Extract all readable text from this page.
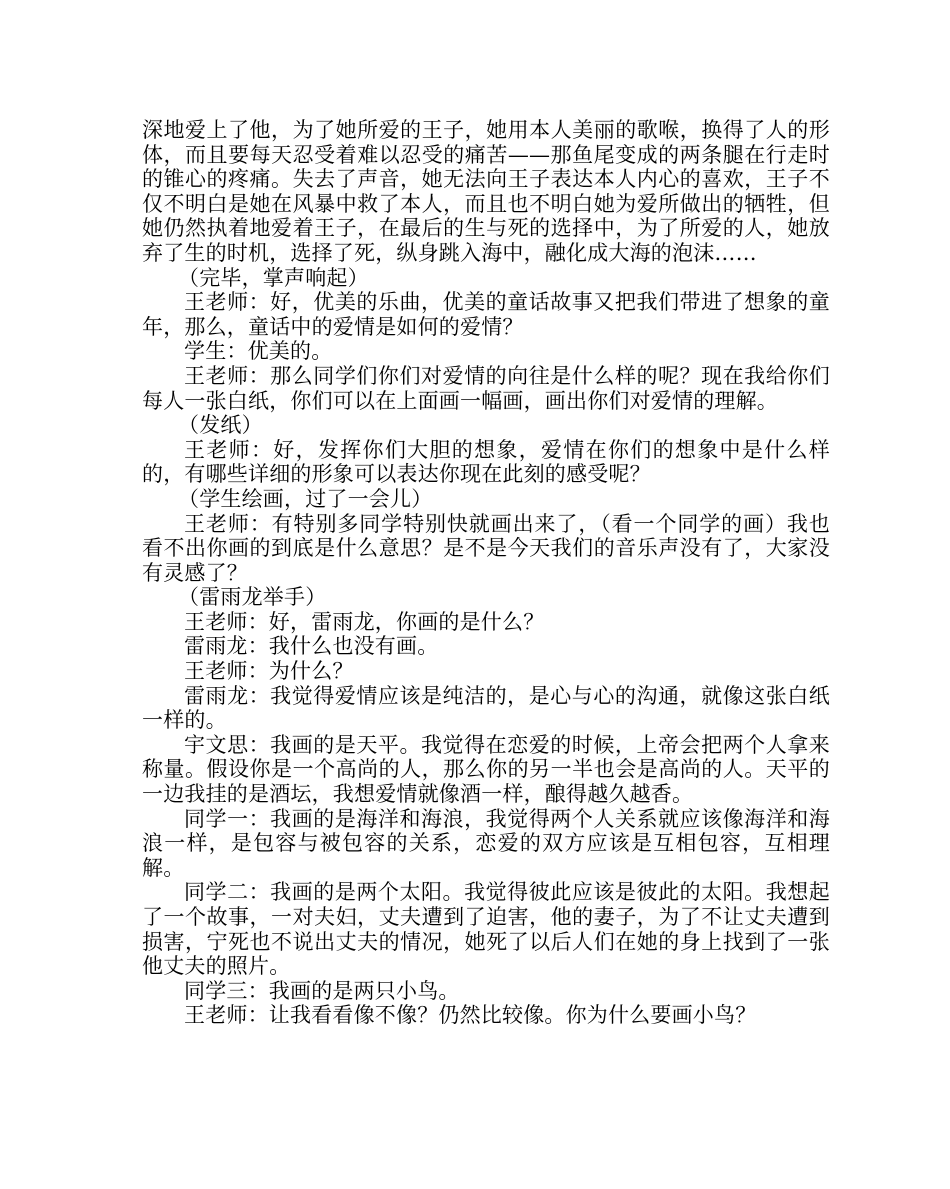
深地爱上了他，为了她所爱的王子，她用本人美丽的歌喉，换得了人的形体，而且要每天忍受着难以忍受的痛苦——那鱼尾变成的两条腿在行走时的锥心的疼痛。失去了声音，她无法向王子表达本人内心的喜欢，王子不仅不明白是她在风暴中救了本人，而且也不明白她为爱所做出的牺牲，但她仍然执着地爱着王子，在最后的生与死的选择中，为了所爱的人，她放弃了生的时机，选择了死，纵身跳入海中，融化成大海的泡沫……

（完毕，掌声响起）

王老师：好，优美的乐曲，优美的童话故事又把我们带进了想象的童年，那么，童话中的爱情是如何的爱情？

学生：优美的。

王老师：那么同学们你们对爱情的向往是什么样的呢？现在我给你们每人一张白纸，你们可以在上面画一幅画，画出你们对爱情的理解。

（发纸）

王老师：好，发挥你们大胆的想象，爱情在你们的想象中是什么样的，有哪些详细的形象可以表达你现在此刻的感受呢？

（学生绘画，过了一会儿）

王老师：有特别多同学特别快就画出来了，（看一个同学的画）我也看不出你画的到底是什么意思？是不是今天我们的音乐声没有了，大家没有灵感了？

（雷雨龙举手）

王老师：好，雷雨龙，你画的是什么？

雷雨龙：我什么也没有画。

王老师：为什么？

雷雨龙：我觉得爱情应该是纯洁的，是心与心的沟通，就像这张白纸一样的。

宇文思：我画的是天平。我觉得在恋爱的时候，上帝会把两个人拿来称量。假设你是一个高尚的人，那么你的另一半也会是高尚的人。天平的一边我挂的是酒坛，我想爱情就像酒一样，酿得越久越香。

同学一：我画的是海洋和海浪，我觉得两个人关系就应该像海洋和海浪一样，是包容与被包容的关系，恋爱的双方应该是互相包容，互相理解。

同学二：我画的是两个太阳。我觉得彼此应该是彼此的太阳。我想起了一个故事，一对夫妇，丈夫遭到了迫害，他的妻子，为了不让丈夫遭到损害，宁死也不说出丈夫的情况，她死了以后人们在她的身上找到了一张他丈夫的照片。

同学三：我画的是两只小鸟。

王老师：让我看看像不像？仍然比较像。你为什么要画小鸟？
